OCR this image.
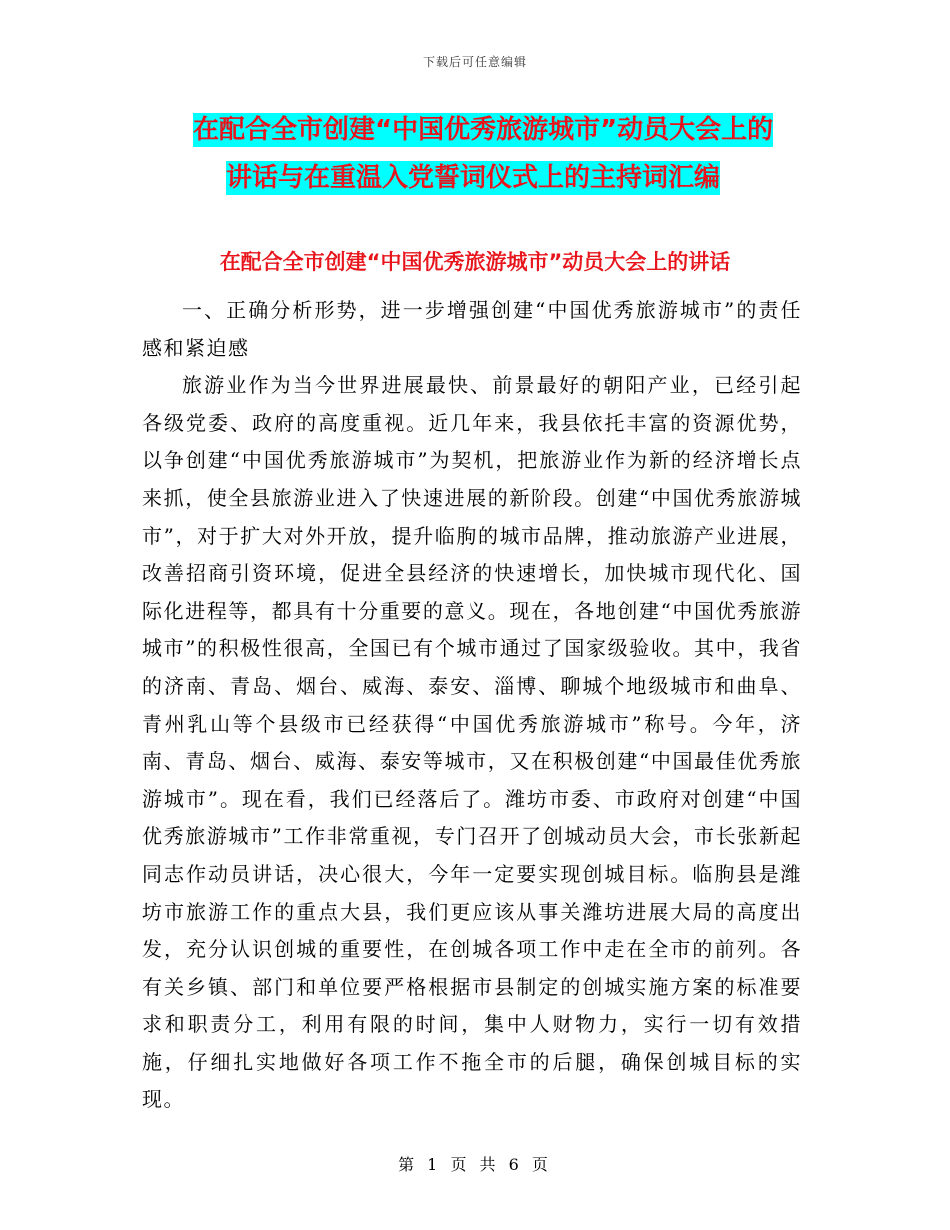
下载后可任意编辑
在配合全市创建“中国优秀旅游城市”动员大会上的
讲话与在重温入党誓词仪式上的主持词汇编
在配合全市创建“中国优秀旅游城市”动员大会上的讲话

一、正确分析形势，进一步增强创建“中国优秀旅游城市”的责任感和紧迫感

旅游业作为当今世界进展最快、前景最好的朝阳产业，已经引起各级党委、政府的高度重视。近几年来，我县依托丰富的资源优势，以争创建“中国优秀旅游城市”为契机，把旅游业作为新的经济增长点来抓，使全县旅游业进入了快速进展的新阶段。创建“中国优秀旅游城市”，对于扩大对外开放，提升临朐的城市品牌，推动旅游产业进展，改善招商引资环境，促进全县经济的快速增长，加快城市现代化、国际化进程等，都具有十分重要的意义。现在，各地创建“中国优秀旅游城市”的积极性很高，全国已有个城市通过了国家级验收。其中，我省的济南、青岛、烟台、威海、泰安、淄博、聊城个地级城市和曲阜、青州乳山等个县级市已经获得“中国优秀旅游城市”称号。今年，济南、青岛、烟台、威海、泰安等城市，又在积极创建“中国最佳优秀旅游城市”。现在看，我们已经落后了。潍坊市委、市政府对创建“中国优秀旅游城市”工作非常重视，专门召开了创城动员大会，市长张新起同志作动员讲话，决心很大，今年一定要实现创城目标。临朐县是潍坊市旅游工作的重点大县，我们更应该从事关潍坊进展大局的高度出发，充分认识创城的重要性，在创城各项工作中走在全市的前列。各有关乡镇、部门和单位要严格根据市县制定的创城实施方案的标准要求和职责分工，利用有限的时间，集中人财物力，实行一切有效措施，仔细扎实地做好各项工作不拖全市的后腿，确保创城目标的实现。

第 1 页 共 6 页
